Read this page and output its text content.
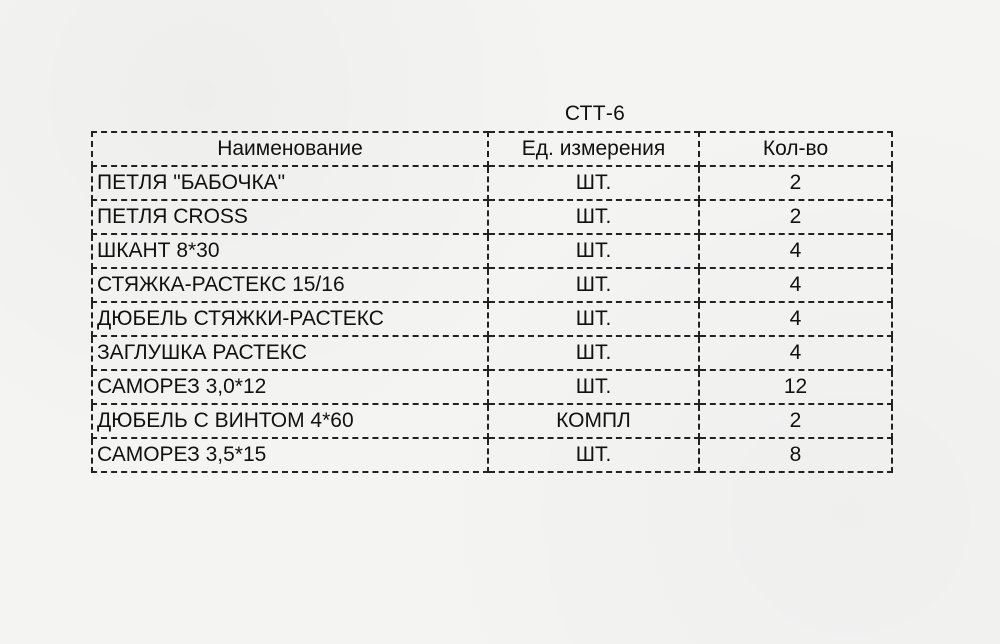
СТТ-6
Наименование	Ед. измерения	Кол-во
ПЕТЛЯ "БАБОЧКА"	ШТ.	2
ПЕТЛЯ CROSS	ШТ.	2
ШКАНТ 8*30	ШТ.	4
СТЯЖКА-РАСТЕКС 15/16	ШТ.	4
ДЮБЕЛЬ СТЯЖКИ-РАСТЕКС	ШТ.	4
ЗАГЛУШКА РАСТЕКС	ШТ.	4
САМОРЕЗ 3,0*12	ШТ.	12
ДЮБЕЛЬ С ВИНТОМ 4*60	КОМПЛ	2
САМОРЕЗ 3,5*15	ШТ.	8
